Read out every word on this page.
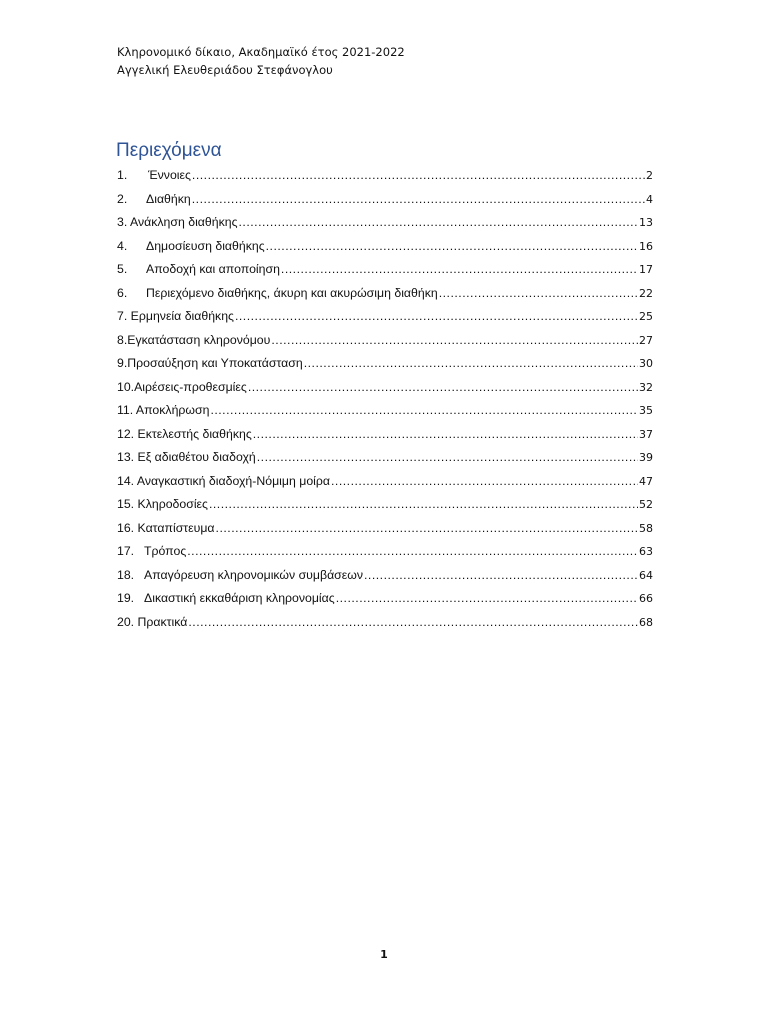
Κληρονομικό δίκαιο, Ακαδημαϊκό έτος 2021-2022
Αγγελική Ελευθεριάδου Στεφάνογλου
Περιεχόμενα
1.	Έννοιες .....	2
2.	Διαθήκη .....	4
3. Ανάκληση διαθήκης .....	13
4.	Δημοσίευση διαθήκης .....	16
5.	Αποδοχή και αποποίηση .....	17
6.	Περιεχόμενο διαθήκης, άκυρη και ακυρώσιμη διαθήκη .....	22
7. Ερμηνεία διαθήκης .....	25
8. Εγκατάσταση κληρονόμου .....	27
9. Προσαύξηση και Υποκατάσταση .....	30
10. Αιρέσεις-προθεσμίες .....	32
11. Αποκλήρωση .....	35
12. Εκτελεστής διαθήκης .....	37
13. Εξ αδιαθέτου διαδοχή .....	39
14. Αναγκαστική διαδοχή-Νόμιμη μοίρα .....	47
15. Κληροδοσίες .....	52
16. Καταπίστευμα .....	58
17. Τρόπος .....	63
18. Απαγόρευση κληρονομικών συμβάσεων .....	64
19. Δικαστική εκκαθάριση κληρονομίας .....	66
20. Πρακτικά .....	68
1
